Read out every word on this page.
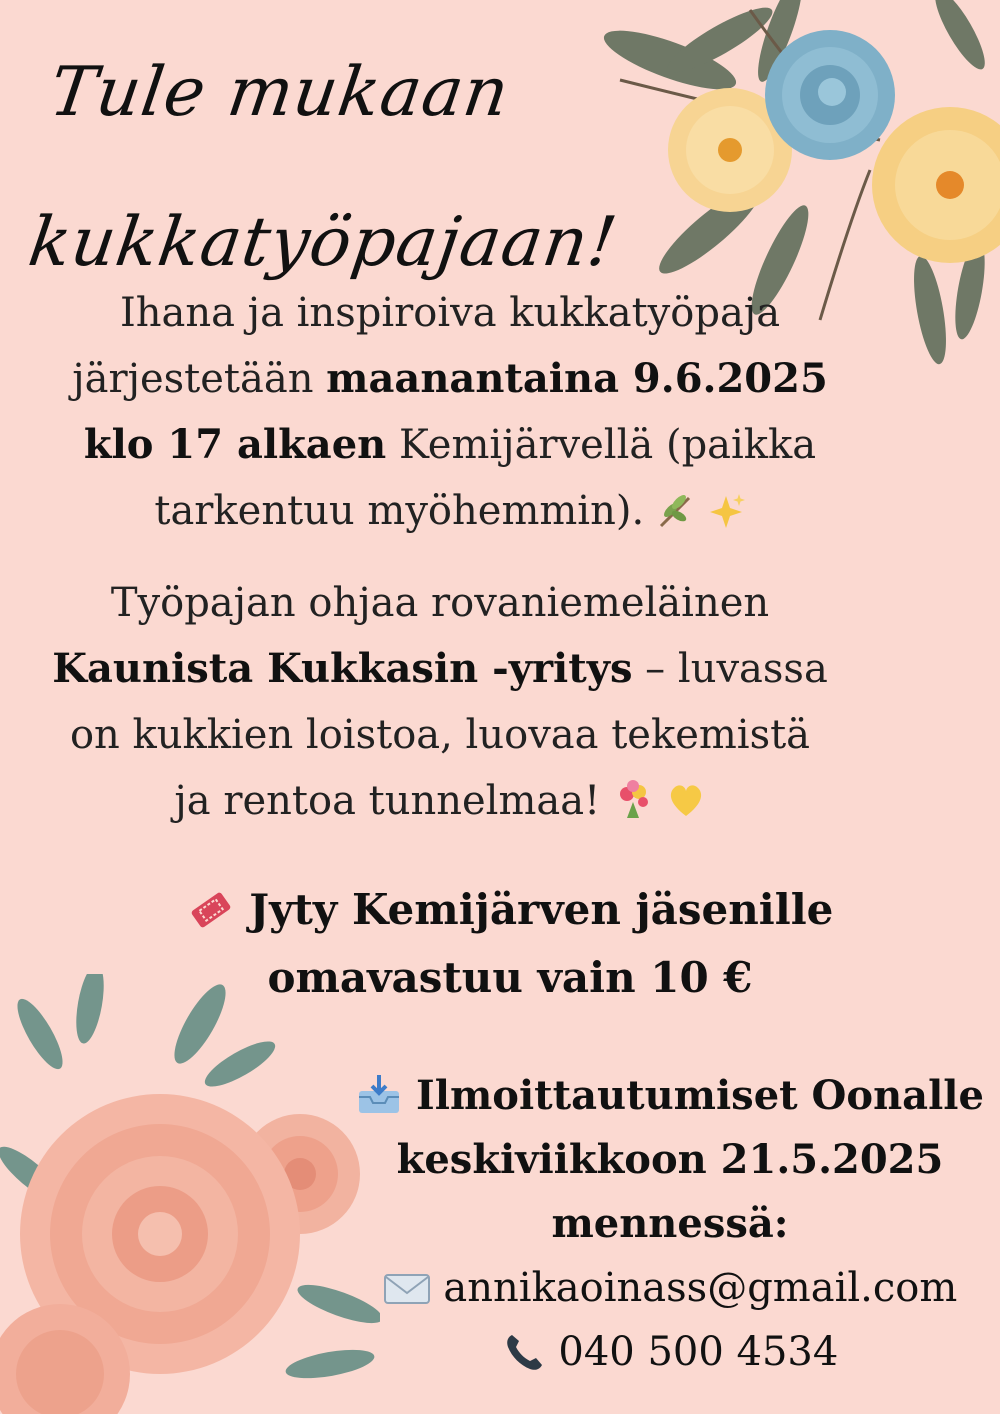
Tule mukaan
kukkatyöpajaan!
Ihana ja inspiroiva kukkatyöpaja
järjestetään maanantaina 9.6.2025
klo 17 alkaen Kemijärvellä (paikka
tarkentuu myöhemmin).

Työpajan ohjaa rovaniemeläinen
Kaunista Kukkasin -yritys – luvassa
on kukkien loistoa, luovaa tekemistä
ja rentoa tunnelmaa!

Jyty Kemijärven jäsenille
omavastuu vain 10 €
Ilmoittautumiset Oonalle
keskiviikkoon 21.5.2025
mennessä:
annikaoinass@gmail.com
040 500 4534
